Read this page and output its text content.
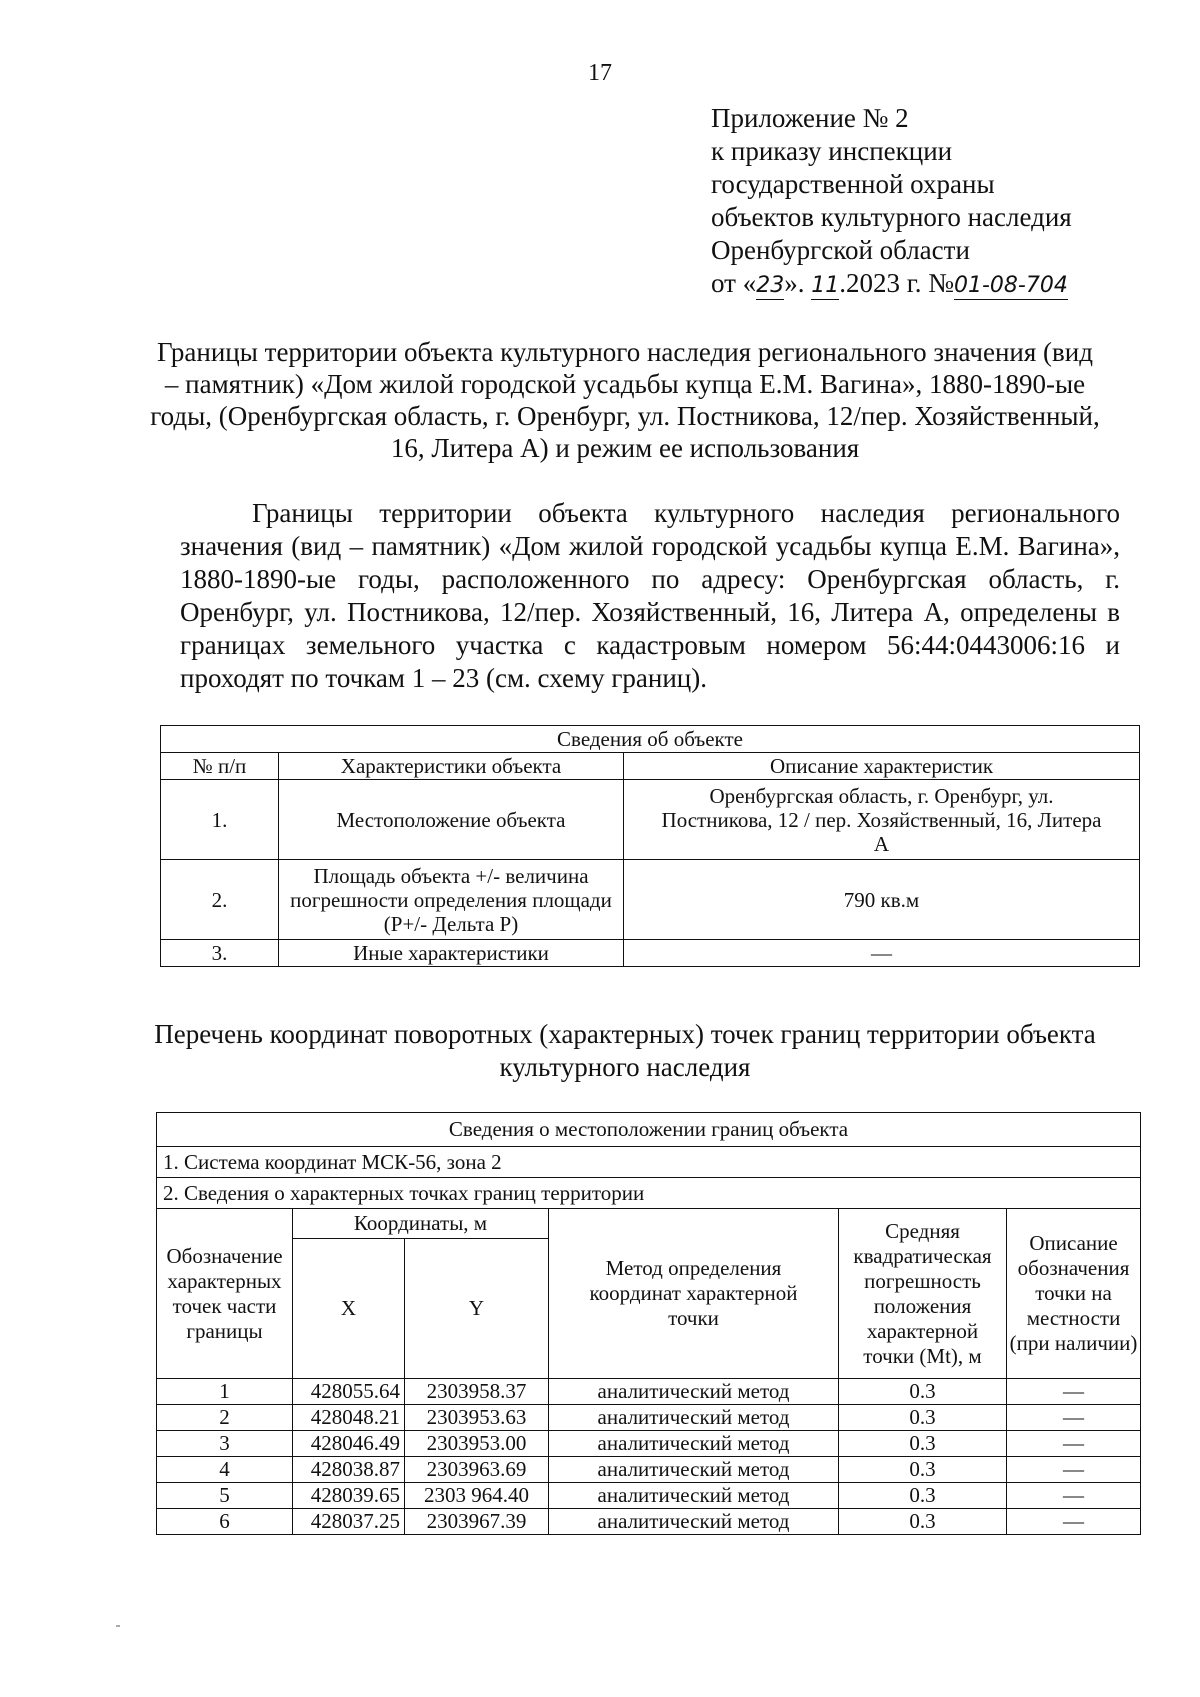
17
Приложение № 2
к приказу инспекции
государственной охраны
объектов культурного наследия
Оренбургской области
от «23». 11.2023 г. №01-08-704
Границы территории объекта культурного наследия регионального значения (вид – памятник) «Дом жилой городской усадьбы купца Е.М. Вагина», 1880-1890-ые годы, (Оренбургская область, г. Оренбург, ул. Постникова, 12/пер. Хозяйственный, 16, Литера А) и режим ее использования
Границы территории объекта культурного наследия регионального значения (вид – памятник) «Дом жилой городской усадьбы купца Е.М. Вагина», 1880-1890-ые годы, расположенного по адресу: Оренбургская область, г. Оренбург, ул. Постникова, 12/пер. Хозяйственный, 16, Литера А, определены в границах земельного участка с кадастровым номером 56:44:0443006:16 и проходят по точкам 1 – 23 (см. схему границ).
Сведения об объекте		
№ п/п	Характеристики объекта	Описание характеристик
1.	Местоположение объекта	Оренбургская область, г. Оренбург, ул. Постникова, 12 / пер. Хозяйственный, 16, Литера А
2.	Площадь объекта +/- величина погрешности определения площади (Р+/- Дельта Р)	790 кв.м
3.	Иные характеристики	—
Перечень координат поворотных (характерных) точек границ территории объекта культурного наследия
Сведения о местоположении границ объекта					
1. Система координат МСК-56, зона 2					
2. Сведения о характерных точках границ территории					
Обозначение характерных точек части границы	Координаты, м		Метод определения координат характерной точки	Средняя квадратическая погрешность положения характерной точки (Mt), м	Описание обозначения точки на местности (при наличии)
	X	Y			
1	428055.64	2303958.37	аналитический метод	0.3	—
2	428048.21	2303953.63	аналитический метод	0.3	—
3	428046.49	2303953.00	аналитический метод	0.3	—
4	428038.87	2303963.69	аналитический метод	0.3	—
5	428039.65	2303 964.40	аналитический метод	0.3	—
6	428037.25	2303967.39	аналитический метод	0.3	—
